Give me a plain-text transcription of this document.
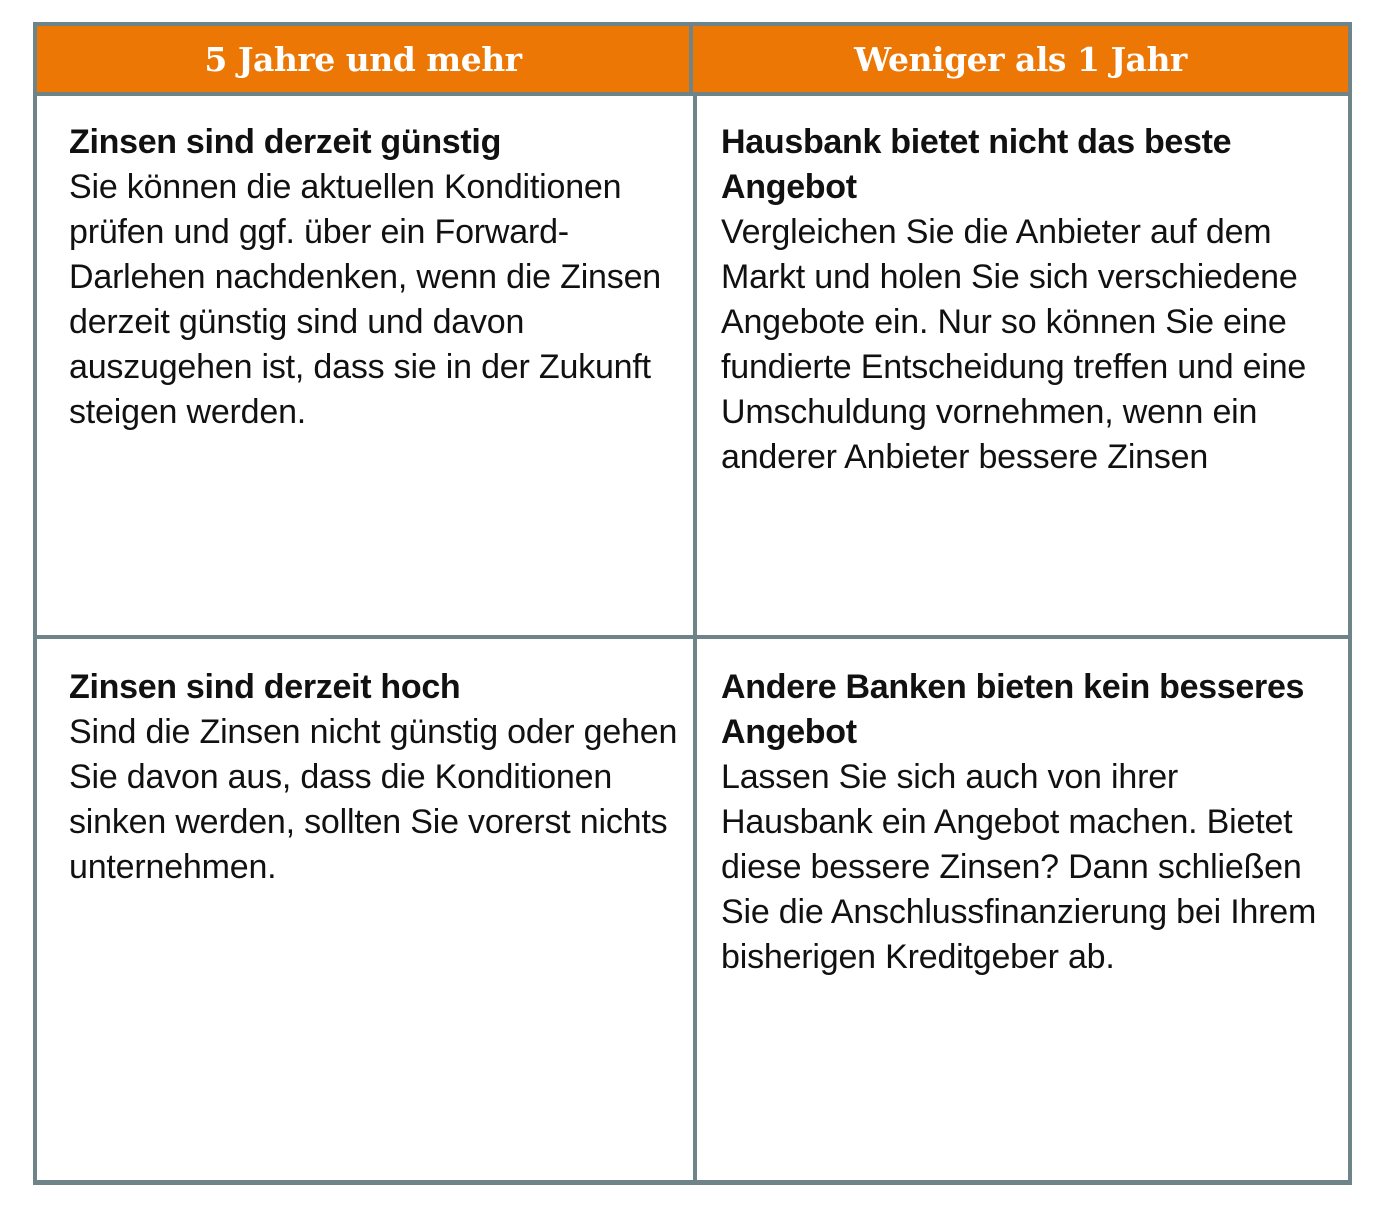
5 Jahre und mehr	Weniger als 1 Jahr
Zinsen sind derzeit günstig
Sie können die aktuellen Konditionen prüfen und ggf. über ein Forward-Darlehen nachdenken, wenn die Zinsen derzeit günstig sind und davon auszugehen ist, dass sie in der Zukunft steigen werden.
Hausbank bietet nicht das beste Angebot
Vergleichen Sie die Anbieter auf dem Markt und holen Sie sich verschiedene Angebote ein. Nur so können Sie eine fundierte Entscheidung treffen und eine Umschuldung vornehmen, wenn ein anderer Anbieter bessere Zinsen
Zinsen sind derzeit hoch
Sind die Zinsen nicht günstig oder gehen Sie davon aus, dass die Konditionen sinken werden, sollten Sie vorerst nichts unternehmen.
Andere Banken bieten kein besseres Angebot
Lassen Sie sich auch von ihrer Hausbank ein Angebot machen. Bietet diese bessere Zinsen? Dann schließen Sie die Anschlussfinanzierung bei Ihrem bisherigen Kreditgeber ab.
